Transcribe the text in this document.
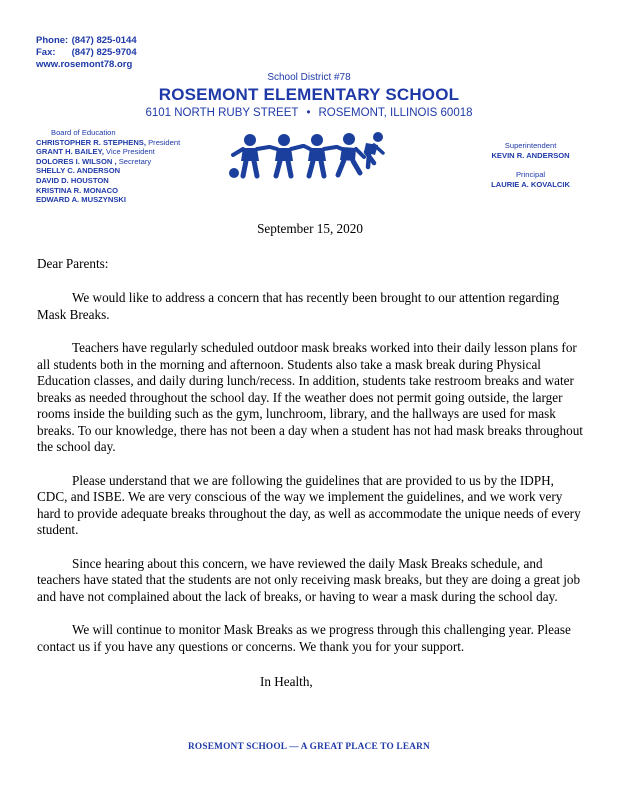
Phone: (847) 825-0144
Fax: (847) 825-9704
www.rosemont78.org
School District #78
ROSEMONT ELEMENTARY SCHOOL
6101 NORTH RUBY STREET • ROSEMONT, ILLINOIS 60018
Board of Education
CHRISTOPHER R. STEPHENS, President
GRANT H. BAILEY, Vice President
DOLORES I. WILSON , Secretary
SHELLY C. ANDERSON
DAVID D. HOUSTON
KRISTINA R. MONACO
EDWARD A. MUSZYNSKI
Superintendent
KEVIN R. ANDERSON
Principal
LAURIE A. KOVALCIK
September 15, 2020
Dear Parents:

We would like to address a concern that has recently been brought to our attention regarding Mask Breaks.

Teachers have regularly scheduled outdoor mask breaks worked into their daily lesson plans for all students both in the morning and afternoon. Students also take a mask break during Physical Education classes, and daily during lunch/recess. In addition, students take restroom breaks and water breaks as needed throughout the school day. If the weather does not permit going outside, the larger rooms inside the building such as the gym, lunchroom, library, and the hallways are used for mask breaks. To our knowledge, there has not been a day when a student has not had mask breaks throughout the school day.

Please understand that we are following the guidelines that are provided to us by the IDPH, CDC, and ISBE. We are very conscious of the way we implement the guidelines, and we work very hard to provide adequate breaks throughout the day, as well as accommodate the unique needs of every student.

Since hearing about this concern, we have reviewed the daily Mask Breaks schedule, and teachers have stated that the students are not only receiving mask breaks, but they are doing a great job and have not complained about the lack of breaks, or having to wear a mask during the school day.

We will continue to monitor Mask Breaks as we progress through this challenging year. Please contact us if you have any questions or concerns. We thank you for your support.

In Health,
ROSEMONT SCHOOL — A GREAT PLACE TO LEARN
